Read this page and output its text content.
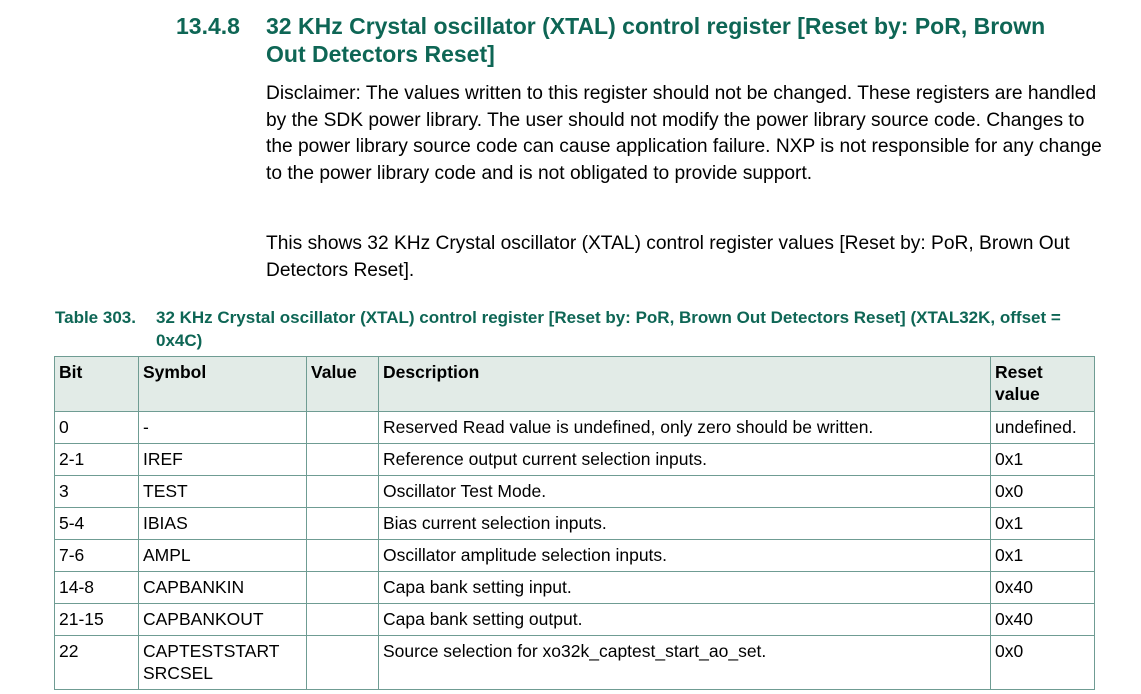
13.4.8 32 KHz Crystal oscillator (XTAL) control register [Reset by: PoR, Brown Out Detectors Reset]

Disclaimer: The values written to this register should not be changed. These registers are handled by the SDK power library. The user should not modify the power library source code. Changes to the power library source code can cause application failure. NXP is not responsible for any change to the power library code and is not obligated to provide support.

This shows 32 KHz Crystal oscillator (XTAL) control register values [Reset by: PoR, Brown Out Detectors Reset].

Table 303. 32 KHz Crystal oscillator (XTAL) control register [Reset by: PoR, Brown Out Detectors Reset] (XTAL32K, offset = 0x4C)
Bit	Symbol	Value	Description	Reset value
0	-		Reserved Read value is undefined, only zero should be written.	undefined.
2-1	IREF		Reference output current selection inputs.	0x1
3	TEST		Oscillator Test Mode.	0x0
5-4	IBIAS		Bias current selection inputs.	0x1
7-6	AMPL		Oscillator amplitude selection inputs.	0x1
14-8	CAPBANKIN		Capa bank setting input.	0x40
21-15	CAPBANKOUT		Capa bank setting output.	0x40
22	CAPTESTSTART SRCSEL		Source selection for xo32k_captest_start_ao_set.	0x0
